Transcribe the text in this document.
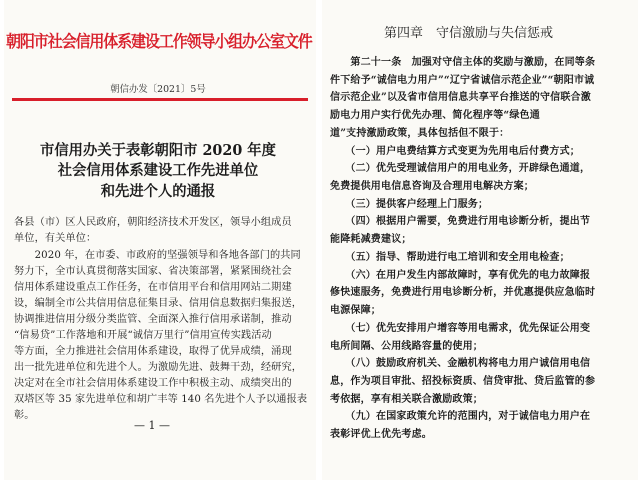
朝阳市社会信用体系建设工作领导小组办公室文件
朝信办发〔2021〕5号
市信用办关于表彰朝阳市 2020 年度
社会信用体系建设工作先进单位
和先进个人的通报
各县（市）区人民政府，朝阳经济技术开发区，领导小组成员
单位，有关单位：
　　2020 年，在市委、市政府的坚强领导和各地各部门的共同
努力下，全市认真贯彻落实国家、省决策部署，紧紧围绕社会
信用体系建设重点工作任务，在市信用平台和信用网站二期建
设，编制全市公共信用信息征集目录、信用信息数据归集报送，
协调推进信用分级分类监管、全面深入推行信用承诺制，推动
“信易贷”工作落地和开展“诚信万里行”信用宣传实践活动
等方面，全力推进社会信用体系建设，取得了优异成绩，涌现
出一批先进单位和先进个人。为激励先进、鼓舞干劲，经研究，
决定对在全市社会信用体系建设工作中积极主动、成绩突出的
双塔区等 35 家先进单位和胡广丰等 140 名先进个人予以通报表
彰。
— 1 —
第四章　守信激励与失信惩戒
　　第二十一条　加强对守信主体的奖励与激励，在同等条
件下给予“诚信电力用户”“辽宁省诚信示范企业”“朝阳市诚
信示范企业”以及省市信用信息共享平台推送的守信联合激
励电力用户实行优先办理、简化程序等“绿色通
道”支持激励政策，具体包括但不限于：
　　（一）用户电费结算方式变更为先用电后付费方式；
　　（二）优先受理诚信用户的用电业务，开辟绿色通道，
免费提供用电信息咨询及合理用电解决方案；
　　（三）提供客户经理上门服务；
　　（四）根据用户需要，免费进行用电诊断分析，提出节
能降耗减费建议；
　　（五）指导、帮助进行电工培训和安全用电检查；
　　（六）在用户发生内部故障时，享有优先的电力故障报
修快速服务，免费进行用电诊断分析，并优惠提供应急临时
电源保障；
　　（七）优先安排用户增容等用电需求，优先保证公用变
电所间隔、公用线路容量的使用；
　　（八）鼓励政府机关、金融机构将电力用户诚信用电信
息，作为项目审批、招投标资质、信贷审批、贷后监管的参
考依据，享有相关联合激励政策；
　　（九）在国家政策允许的范围内，对于诚信电力用户在
表彰评优上优先考虑。
